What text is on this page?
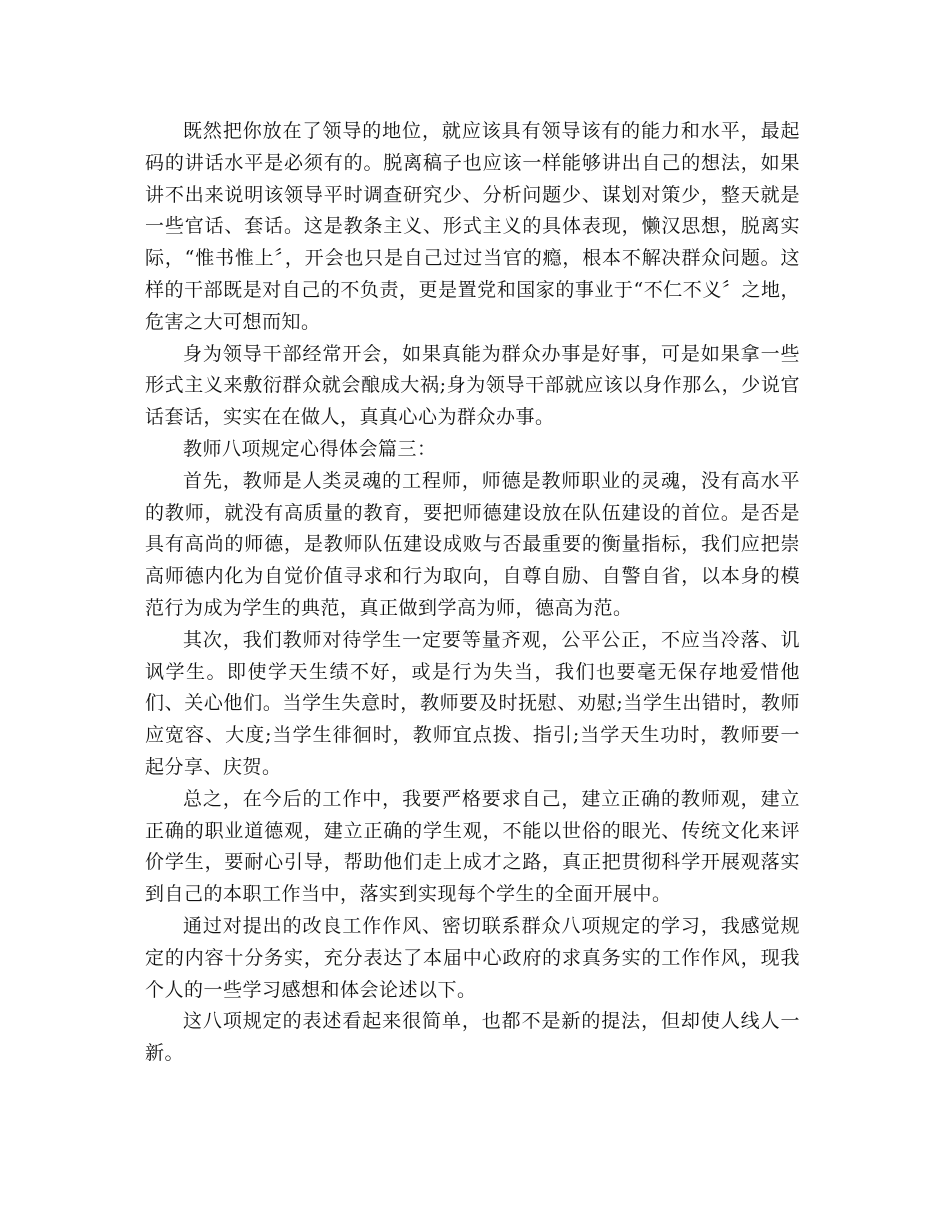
既然把你放在了领导的地位，就应该具有领导该有的能力和水平，最起码的讲话水平是必须有的。脱离稿子也应该一样能够讲出自己的想法，如果讲不出来说明该领导平时调查研究少、分析问题少、谋划对策少，整天就是一些官话、套话。这是教条主义、形式主义的具体表现，懒汉思想，脱离实际，“惟书惟上〞，开会也只是自己过过当官的瘾，根本不解决群众问题。这样的干部既是对自己的不负责，更是置党和国家的事业于“不仁不义〞之地，危害之大可想而知。

身为领导干部经常开会，如果真能为群众办事是好事，可是如果拿一些形式主义来敷衍群众就会酿成大祸;身为领导干部就应该以身作那么，少说官话套话，实实在在做人，真真心心为群众办事。

教师八项规定心得体会篇三：

首先，教师是人类灵魂的工程师，师德是教师职业的灵魂，没有高水平的教师，就没有高质量的教育，要把师德建设放在队伍建设的首位。是否是具有高尚的师德，是教师队伍建设成败与否最重要的衡量指标，我们应把崇高师德内化为自觉价值寻求和行为取向，自尊自励、自警自省，以本身的模范行为成为学生的典范，真正做到学高为师，德高为范。

其次，我们教师对待学生一定要等量齐观，公平公正，不应当冷落、讥讽学生。即使学天生绩不好，或是行为失当，我们也要毫无保存地爱惜他们、关心他们。当学生失意时，教师要及时抚慰、劝慰;当学生出错时，教师应宽容、大度;当学生徘徊时，教师宜点拨、指引;当学天生功时，教师要一起分享、庆贺。

总之，在今后的工作中，我要严格要求自己，建立正确的教师观，建立正确的职业道德观，建立正确的学生观，不能以世俗的眼光、传统文化来评价学生，要耐心引导，帮助他们走上成才之路，真正把贯彻科学开展观落实到自己的本职工作当中，落实到实现每个学生的全面开展中。

通过对提出的改良工作作风、密切联系群众八项规定的学习，我感觉规定的内容十分务实，充分表达了本届中心政府的求真务实的工作作风，现我个人的一些学习感想和体会论述以下。

这八项规定的表述看起来很简单，也都不是新的提法，但却使人线人一新。
